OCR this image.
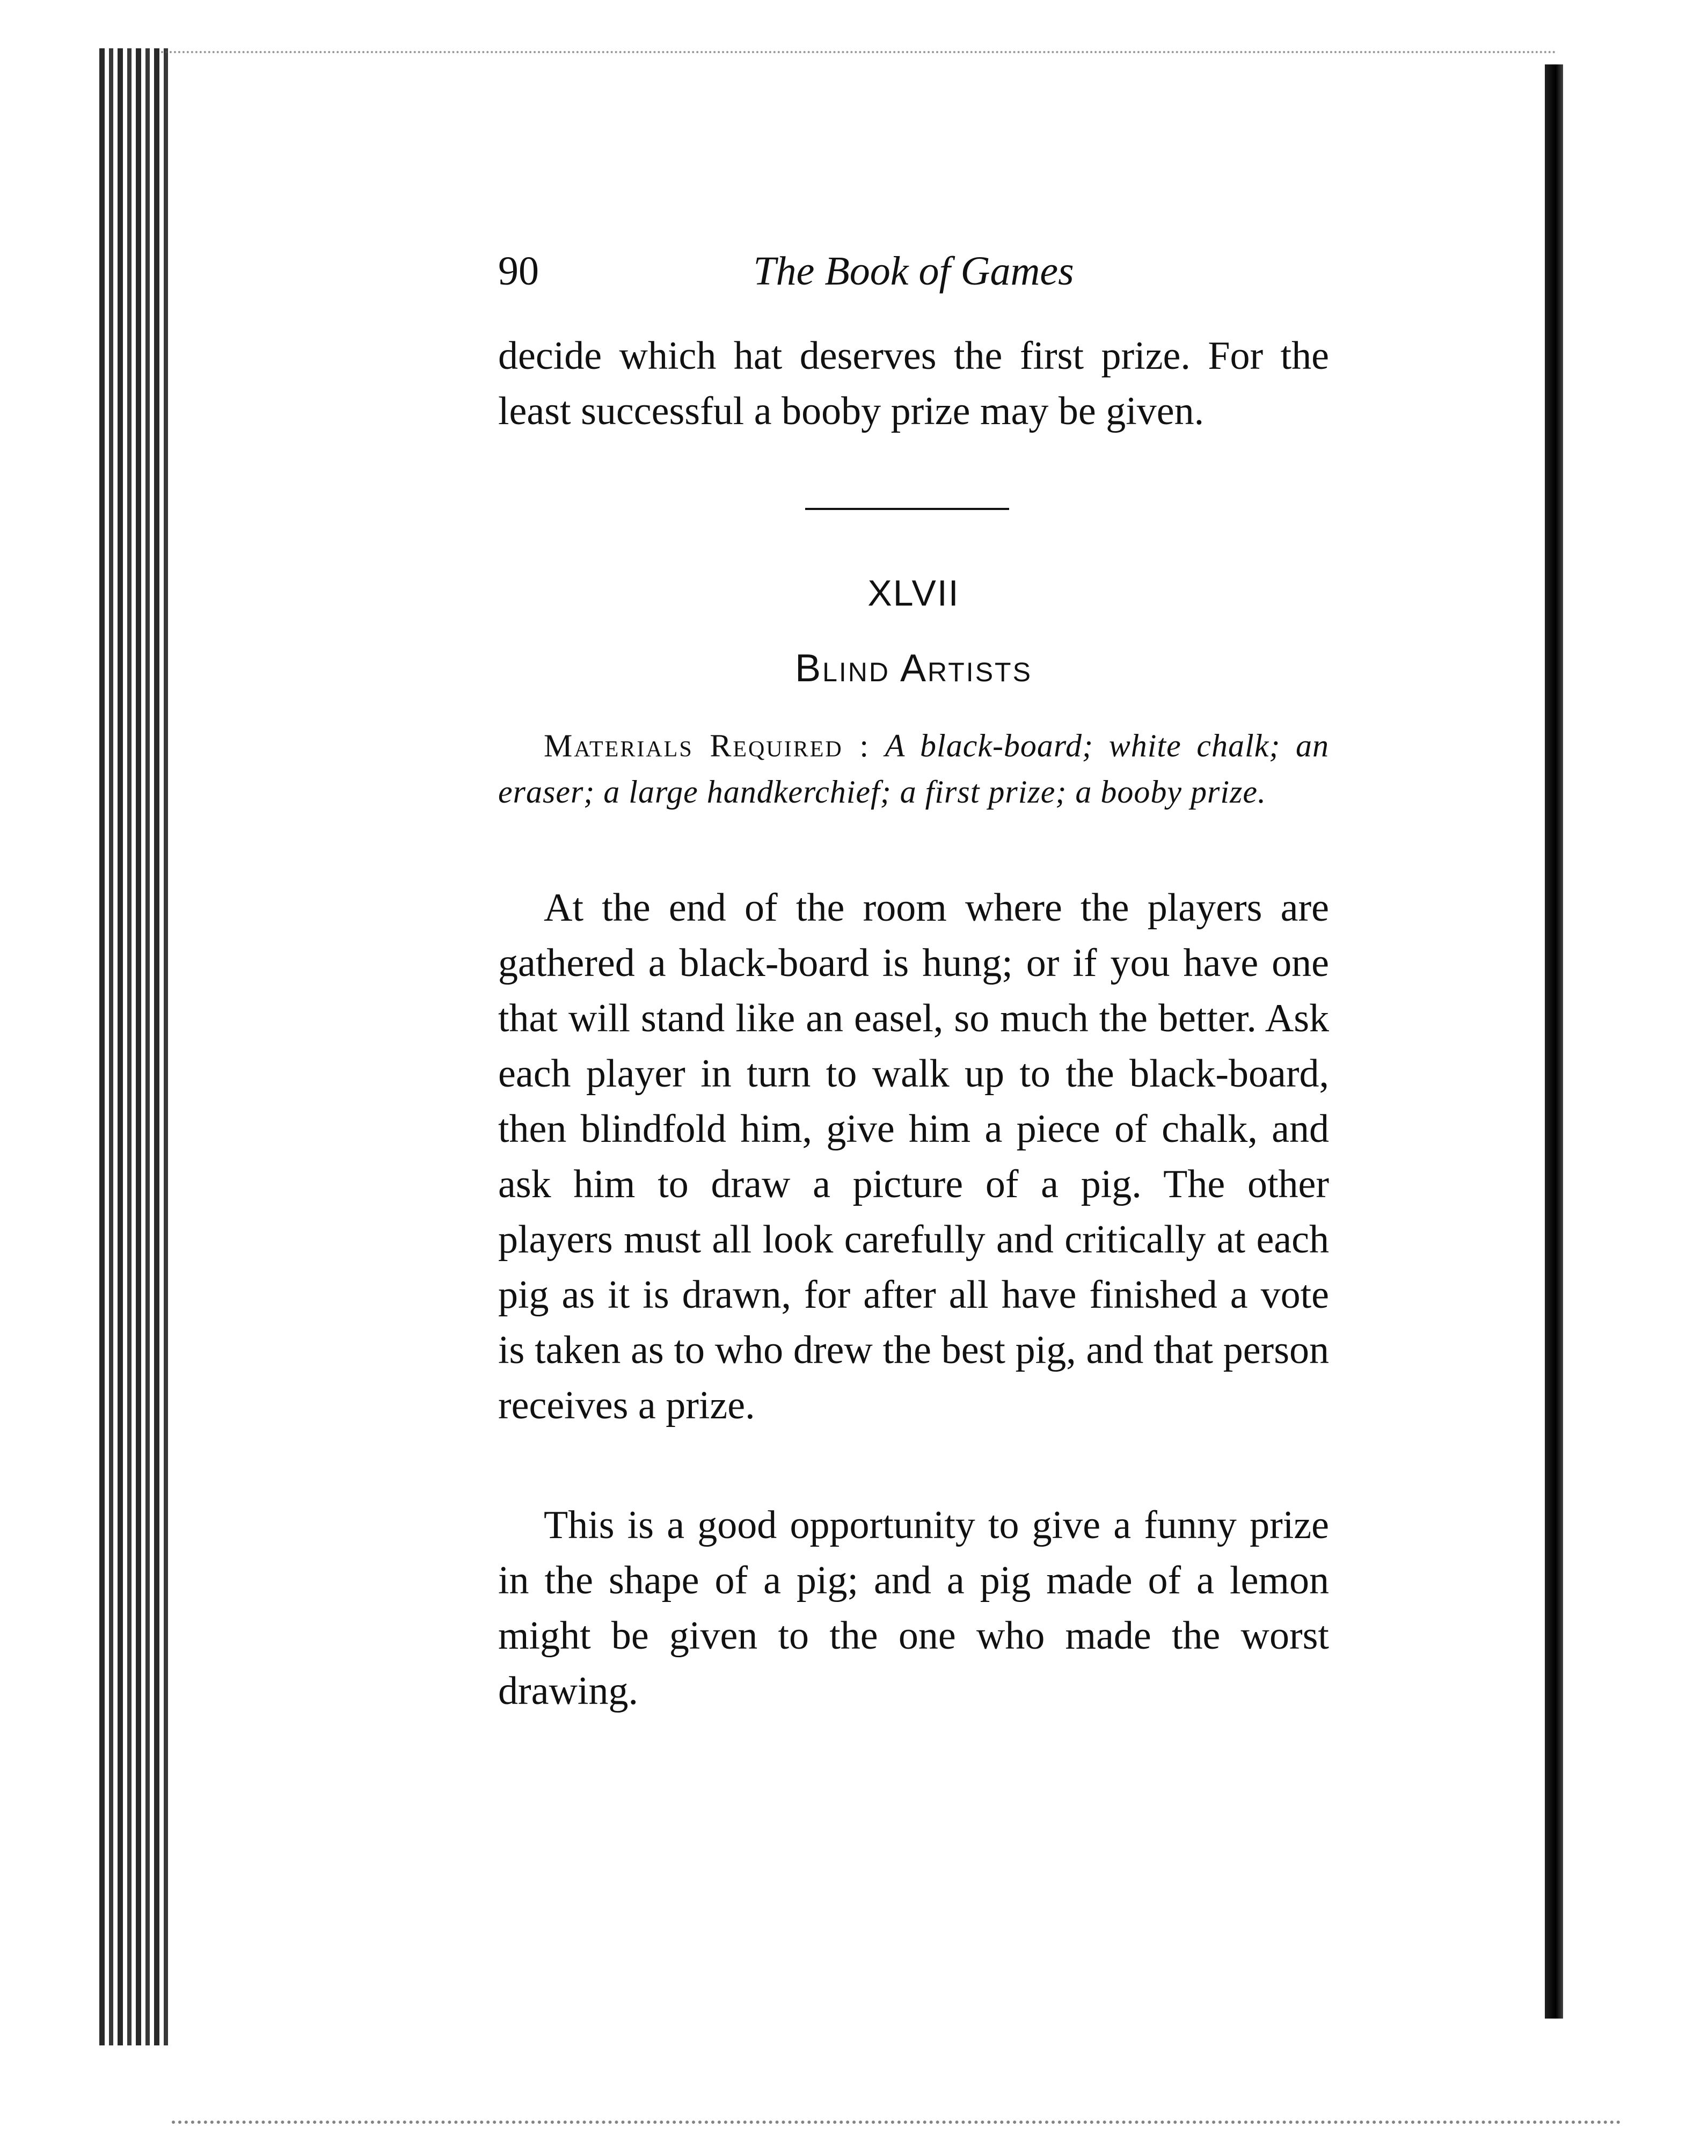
90	The Book of Games

decide which hat deserves the first prize. For the least successful a booby prize may be given.

XLVII
Blind Artists

Materials Required : A black-board; white chalk; an eraser; a large handkerchief; a first prize; a booby prize.

At the end of the room where the players are gathered a black-board is hung; or if you have one that will stand like an easel, so much the better. Ask each player in turn to walk up to the black-board, then blindfold him, give him a piece of chalk, and ask him to draw a picture of a pig. The other players must all look carefully and critically at each pig as it is drawn, for after all have finished a vote is taken as to who drew the best pig, and that person receives a prize.

This is a good opportunity to give a funny prize in the shape of a pig; and a pig made of a lemon might be given to the one who made the worst drawing.
